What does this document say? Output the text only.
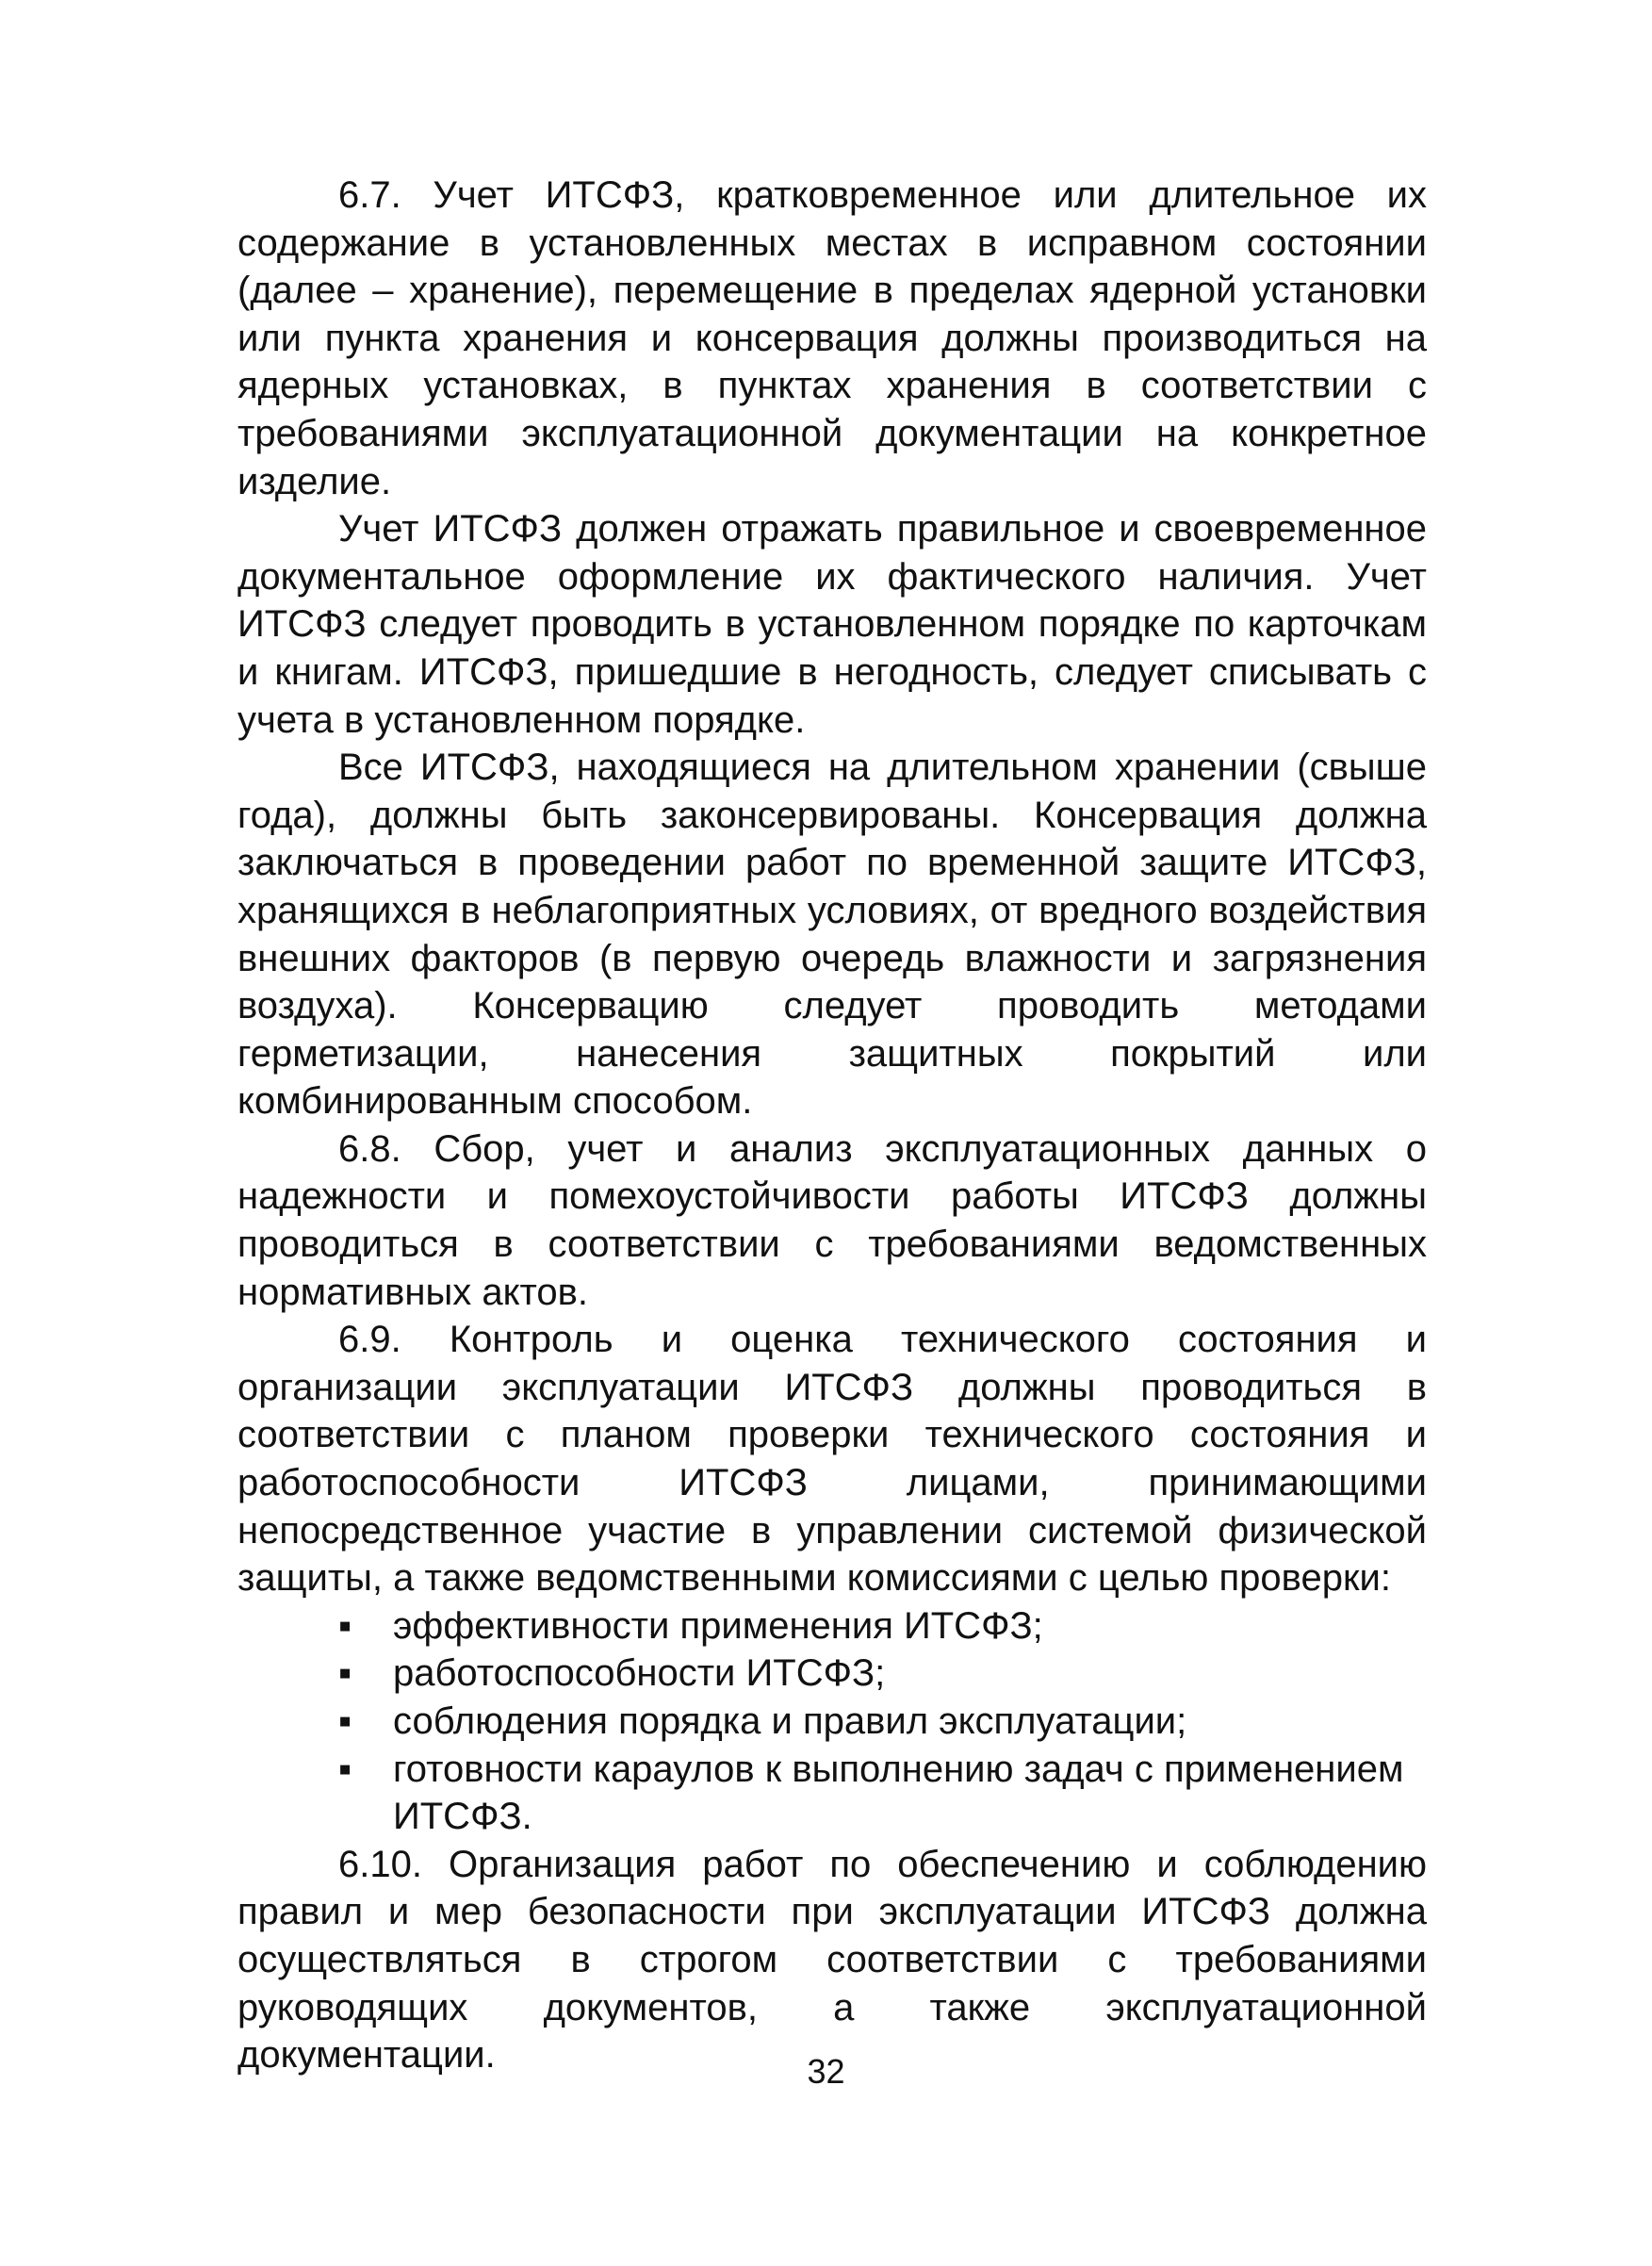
6.7. Учет ИТСФЗ, кратковременное или длительное их содержание в установленных местах в исправном состоянии (далее – хранение), перемещение в пределах ядерной установки или пункта хранения и консервация должны производиться на ядерных установках, в пунктах хранения в соответствии с требованиями эксплуатационной документации на конкретное изделие.

Учет ИТСФЗ должен отражать правильное и своевременное документальное оформление их фактического наличия. Учет ИТСФЗ следует проводить в установленном порядке по карточкам и книгам. ИТСФЗ, пришедшие в негодность, следует списывать с учета в установленном порядке.

Все ИТСФЗ, находящиеся на длительном хранении (свыше года), должны быть законсервированы. Консервация должна заключаться в проведении работ по временной защите ИТСФЗ, хранящихся в неблагоприятных условиях, от вредного воздействия внешних факторов (в первую очередь влажности и загрязнения воздуха). Консервацию следует проводить методами герметизации, нанесения защитных покрытий или комбинированным способом.

6.8. Сбор, учет и анализ эксплуатационных данных о надежности и помехоустойчивости работы ИТСФЗ должны проводиться в соответствии с требованиями ведомственных нормативных актов.

6.9. Контроль и оценка технического состояния и организации эксплуатации ИТСФЗ должны проводиться в соответствии с планом проверки технического состояния и работоспособности ИТСФЗ лицами, принимающими непосредственное участие в управлении системой физической защиты, а также ведомственными комиссиями с целью проверки:

▪ эффективности применения ИТСФЗ;
▪ работоспособности ИТСФЗ;
▪ соблюдения порядка и правил эксплуатации;
▪ готовности караулов к выполнению задач с применением ИТСФЗ.

6.10. Организация работ по обеспечению и соблюдению правил и мер безопасности при эксплуатации ИТСФЗ должна осуществляться в строгом соответствии с требованиями руководящих документов, а также эксплуатационной документации.	32
